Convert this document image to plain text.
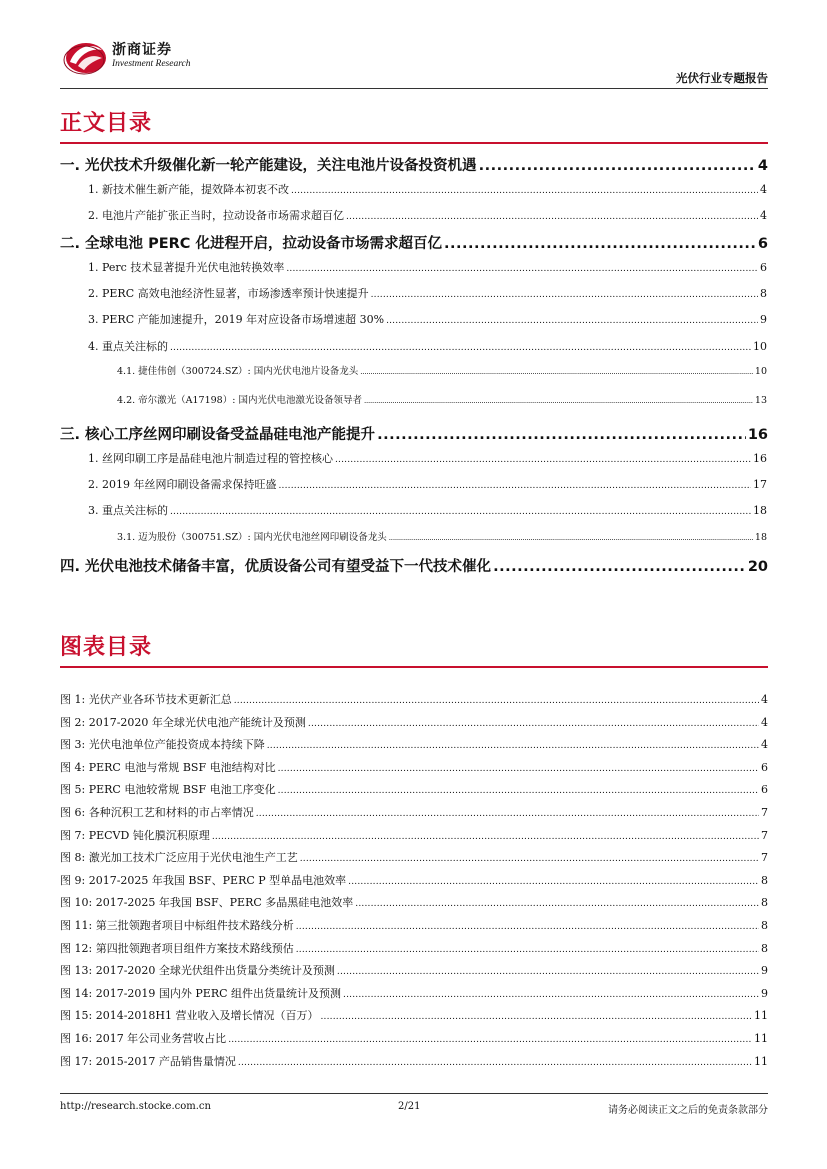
浙商证券
Investment Research
光伏行业专题报告
正文目录
一. 光伏技术升级催化新一轮产能建设，关注电池片设备投资机遇 .....	4
1. 新技术催生新产能，提效降本初衷不改 .....	4
2. 电池片产能扩张正当时，拉动设备市场需求超百亿 .....	4
二. 全球电池 PERC 化进程开启，拉动设备市场需求超百亿 .....	6
1. Perc 技术显著提升光伏电池转换效率 .....	6
2. PERC 高效电池经济性显著，市场渗透率预计快速提升 .....	8
3. PERC 产能加速提升，2019 年对应设备市场增速超 30% .....	9
4. 重点关注标的 .....	10
4.1. 捷佳伟创（300724.SZ）: 国内光伏电池片设备龙头 .....	10
4.2. 帝尔激光（A17198）: 国内光伏电池激光设备领导者 .....	13
三. 核心工序丝网印刷设备受益晶硅电池产能提升 .....	16
1. 丝网印刷工序是晶硅电池片制造过程的管控核心 .....	16
2. 2019 年丝网印刷设备需求保持旺盛 .....	17
3. 重点关注标的 .....	18
3.1. 迈为股份（300751.SZ）: 国内光伏电池丝网印刷设备龙头 .....	18
四. 光伏电池技术储备丰富，优质设备公司有望受益下一代技术催化 .....	20
图表目录
图 1: 光伏产业各环节技术更新汇总 .....	4
图 2: 2017-2020 年全球光伏电池产能统计及预测 .....	4
图 3: 光伏电池单位产能投资成本持续下降 .....	4
图 4: PERC 电池与常规 BSF 电池结构对比 .....	6
图 5: PERC 电池较常规 BSF 电池工序变化 .....	6
图 6: 各种沉积工艺和材料的市占率情况 .....	7
图 7: PECVD 钝化膜沉积原理 .....	7
图 8: 激光加工技术广泛应用于光伏电池生产工艺 .....	7
图 9: 2017-2025 年我国 BSF、PERC P 型单晶电池效率 .....	8
图 10: 2017-2025 年我国 BSF、PERC 多晶黑硅电池效率 .....	8
图 11: 第三批领跑者项目中标组件技术路线分析 .....	8
图 12: 第四批领跑者项目组件方案技术路线预估 .....	8
图 13: 2017-2020 全球光伏组件出货量分类统计及预测 .....	9
图 14: 2017-2019 国内外 PERC 组件出货量统计及预测 .....	9
图 15: 2014-2018H1 营业收入及增长情况（百万） .....	11
图 16: 2017 年公司业务营收占比 .....	11
图 17: 2015-2017 产品销售量情况 .....	11
http://research.stocke.com.cn	2/21	请务必阅读正文之后的免责条款部分
